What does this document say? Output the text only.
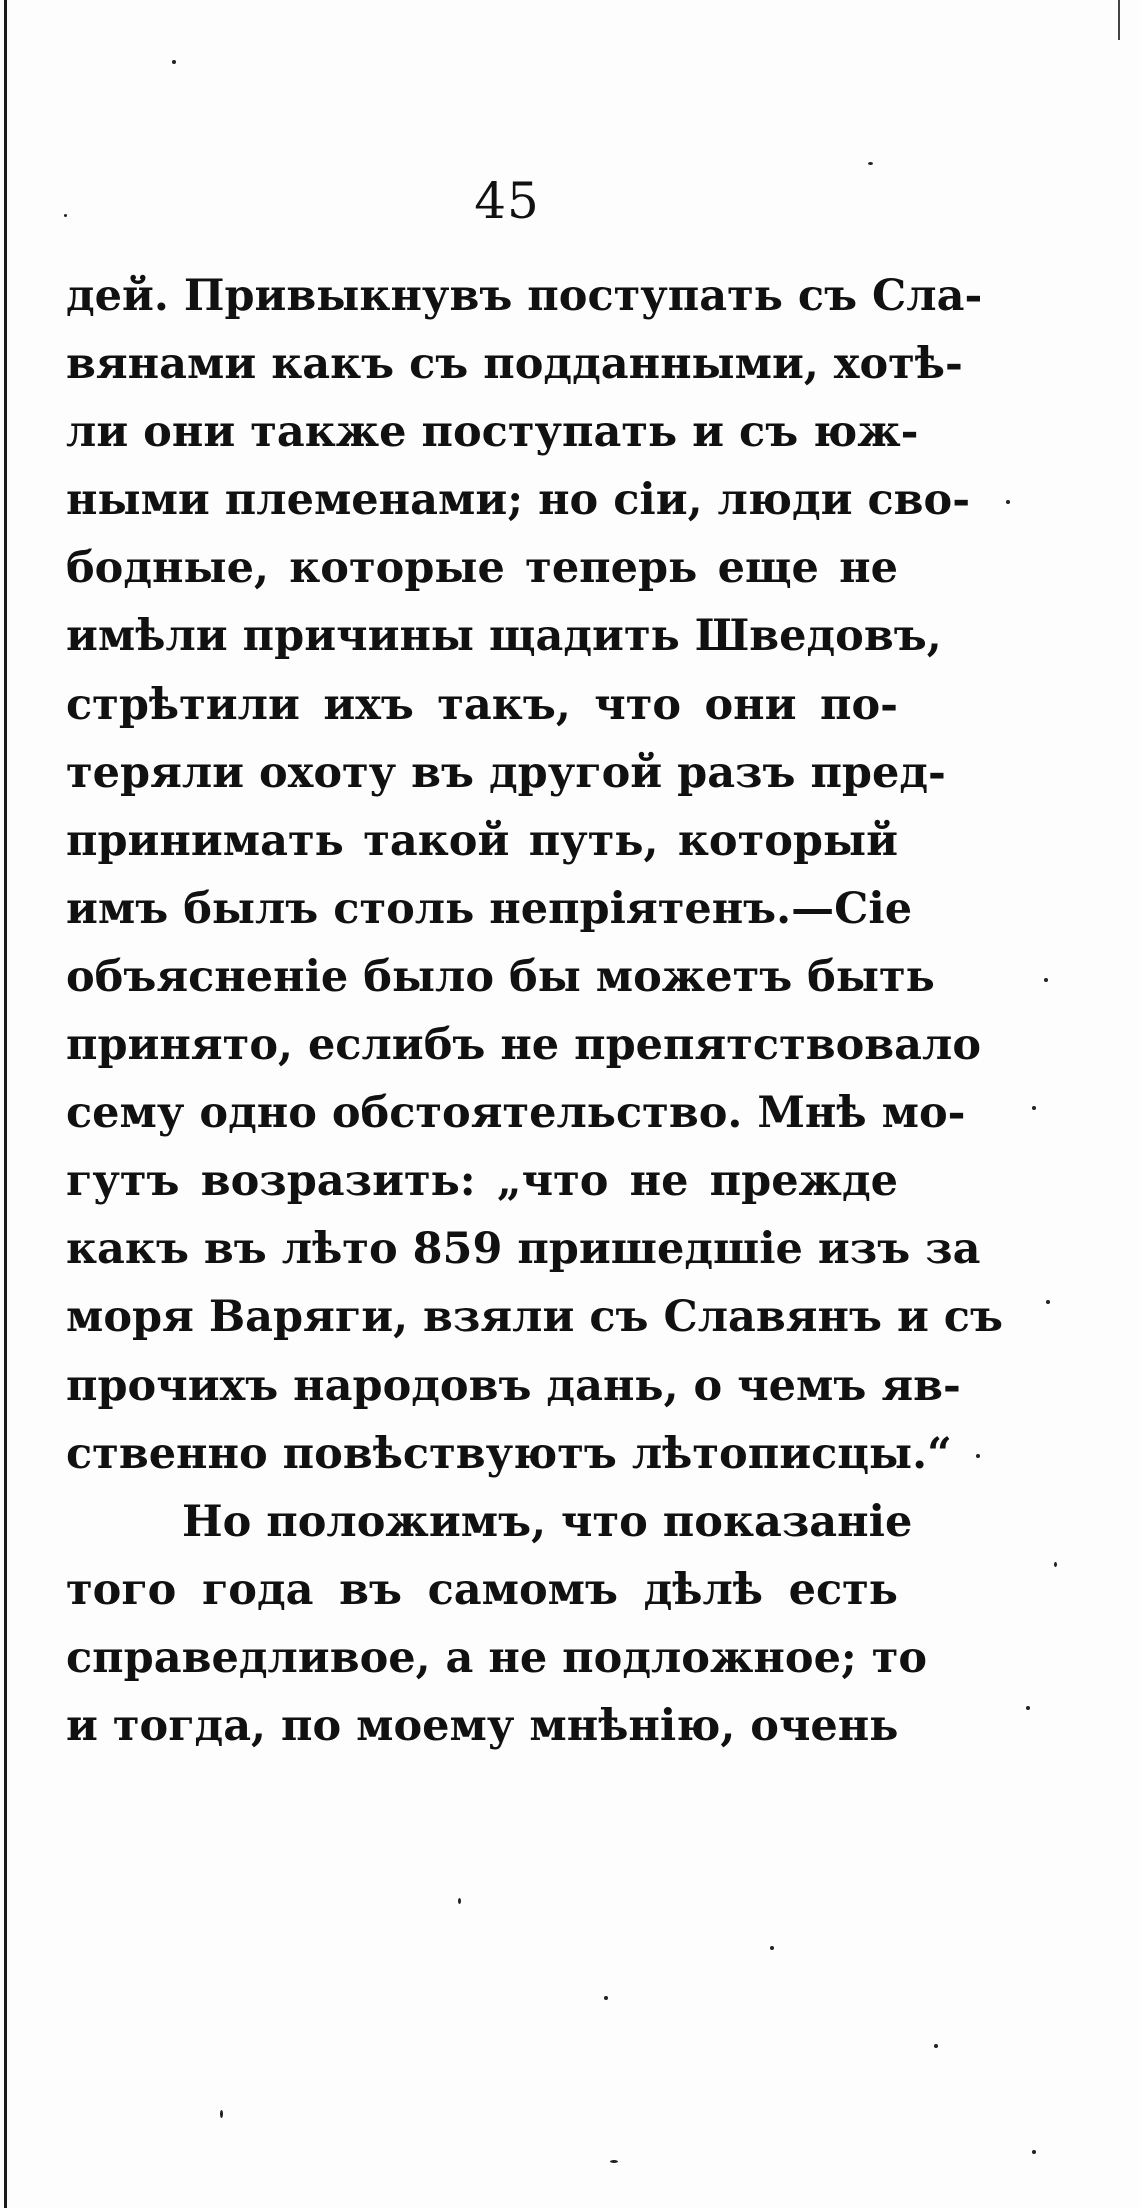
45
дей. Привыкнувъ поступать съ Сла-
вянами какъ съ подданными, хотѣ-
ли они также поступать и съ юж-
ными племенами; но сіи, люди сво-
бодные, которые теперь еще не
имѣли причины щадить Шведовъ,
стрѣтили ихъ такъ, что они по-
теряли охоту въ другой разъ пред-
принимать такой путь, который
имъ былъ столь непріятенъ.—Сіе
объясненіе было бы можетъ быть
принято, еслибъ не препятствовало
сему одно обстоятельство. Мнѣ мо-
гутъ возразить: „что не прежде
какъ въ лѣто 859 пришедшіе изъ за
моря Варяги, взяли съ Славянъ и съ
прочихъ народовъ дань, о чемъ яв-
ственно повѣствуютъ лѣтописцы.“
Но положимъ, что показаніе
того года въ самомъ дѣлѣ есть
справедливое, а не подложное; то
и тогда, по моему мнѣнію, очень
